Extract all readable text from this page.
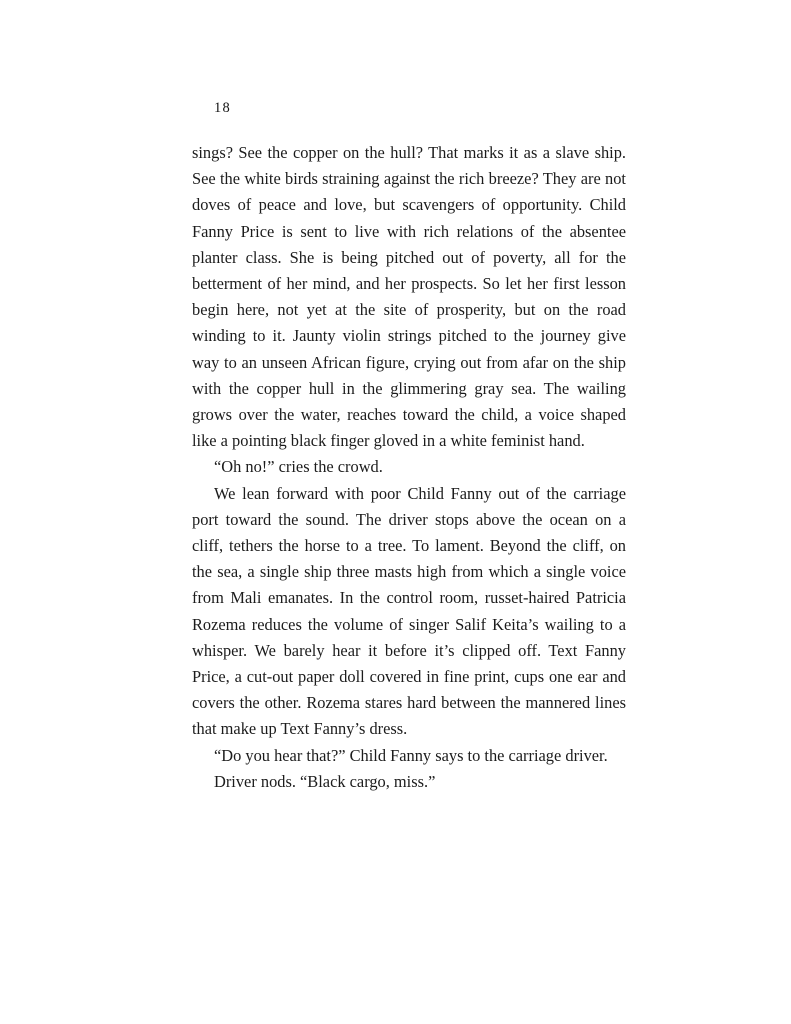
18

sings? See the copper on the hull? That marks it as a slave ship. See the white birds straining against the rich breeze? They are not doves of peace and love, but scavengers of opportunity. Child Fanny Price is sent to live with rich relations of the absentee planter class. She is being pitched out of poverty, all for the betterment of her mind, and her prospects. So let her first lesson begin here, not yet at the site of prosperity, but on the road winding to it. Jaunty violin strings pitched to the journey give way to an unseen African figure, crying out from afar on the ship with the copper hull in the glimmering gray sea. The wailing grows over the water, reaches toward the child, a voice shaped like a pointing black finger gloved in a white feminist hand.

“Oh no!” cries the crowd.

We lean forward with poor Child Fanny out of the carriage port toward the sound. The driver stops above the ocean on a cliff, tethers the horse to a tree. To lament. Beyond the cliff, on the sea, a single ship three masts high from which a single voice from Mali emanates. In the control room, russet-haired Patricia Rozema reduces the volume of singer Salif Keita’s wailing to a whisper. We barely hear it before it’s clipped off. Text Fanny Price, a cut-out paper doll covered in fine print, cups one ear and covers the other. Rozema stares hard between the mannered lines that make up Text Fanny’s dress.

“Do you hear that?” Child Fanny says to the carriage driver.

Driver nods. “Black cargo, miss.”
